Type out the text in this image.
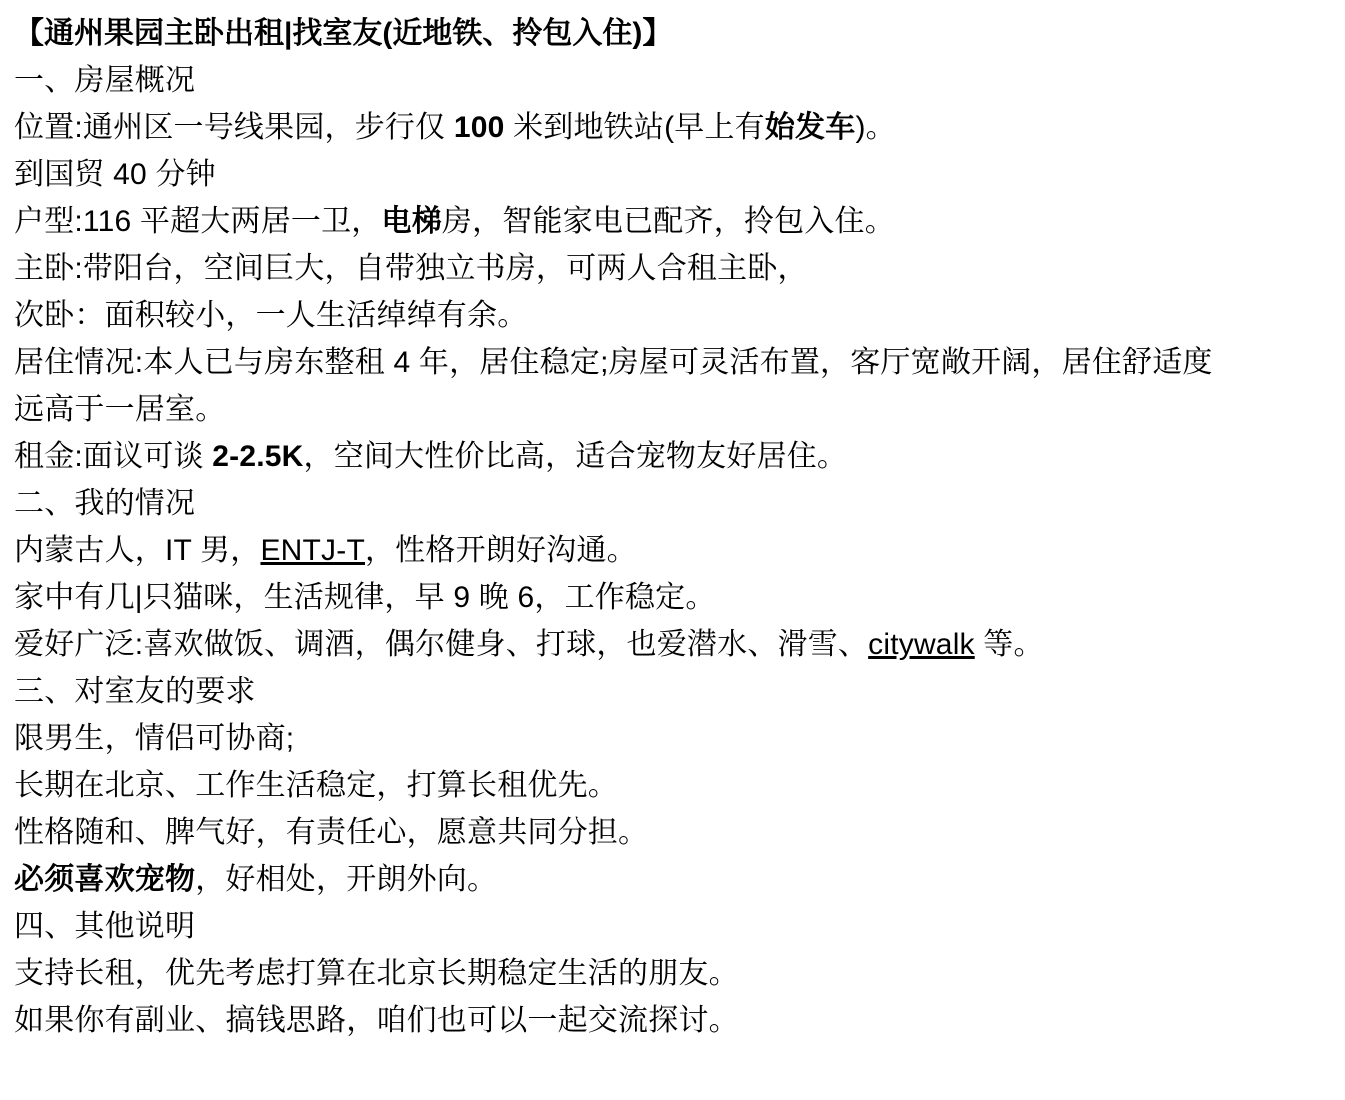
【通州果园主卧出租|找室友(近地铁、拎包入住)】
一、房屋概况
位置:通州区一号线果园，步行仅 100 米到地铁站(早上有始发车)。
到国贸 40 分钟
户型:116 平超大两居一卫，电梯房，智能家电已配齐，拎包入住。
主卧:带阳台，空间巨大，自带独立书房，可两人合租主卧，
次卧：面积较小，一人生活绰绰有余。
居住情况:本人已与房东整租 4 年，居住稳定;房屋可灵活布置，客厅宽敞开阔，居住舒适度
远高于一居室。
租金:面议可谈 2-2.5K，空间大性价比高，适合宠物友好居住。
二、我的情况
内蒙古人，IT 男，ENTJ-T，性格开朗好沟通。
家中有几|只猫咪，生活规律，早 9 晚 6，工作稳定。
爱好广泛:喜欢做饭、调酒，偶尔健身、打球，也爱潜水、滑雪、citywalk 等。
三、对室友的要求
限男生，情侣可协商;
长期在北京、工作生活稳定，打算长租优先。
性格随和、脾气好，有责任心，愿意共同分担。
必须喜欢宠物，好相处，开朗外向。
四、其他说明
支持长租，优先考虑打算在北京长期稳定生活的朋友。
如果你有副业、搞钱思路，咱们也可以一起交流探讨。
